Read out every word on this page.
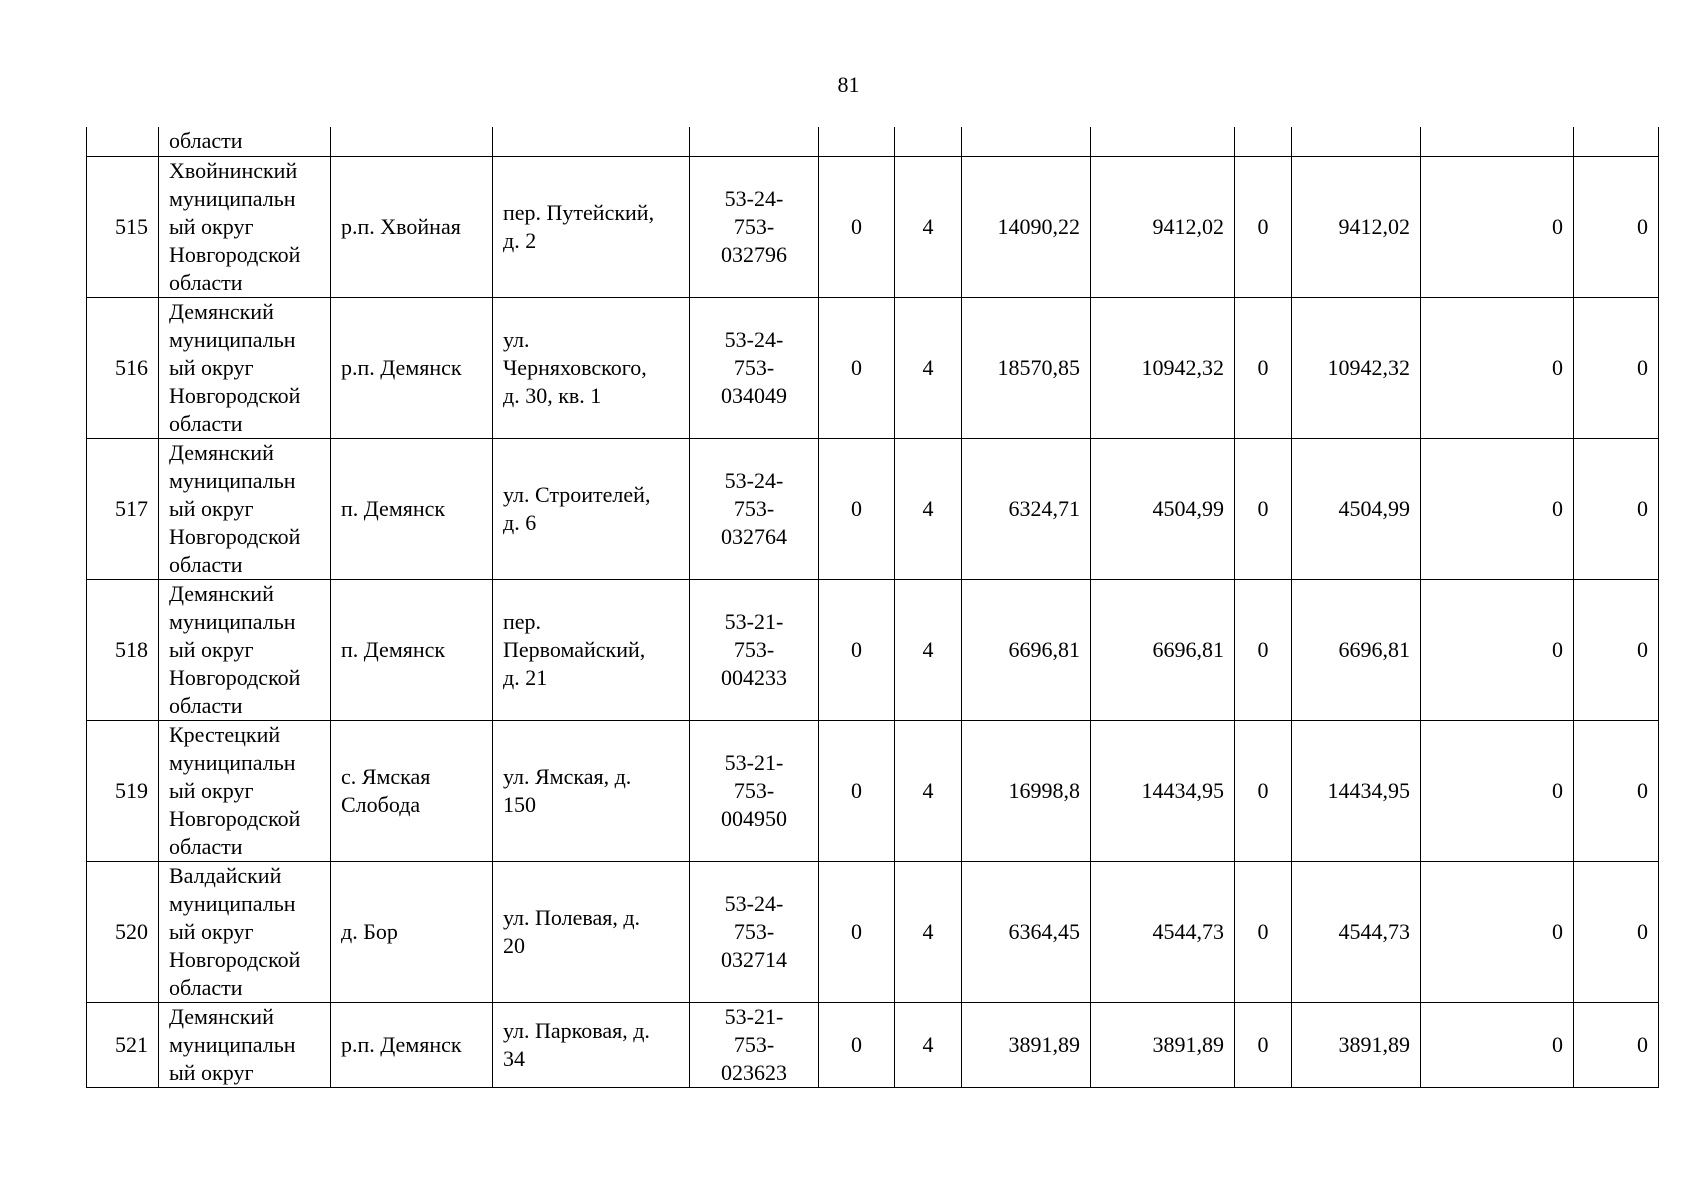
81

	области											

515	Хвойнинский
муниципальн
ый округ
Новгородской
области	р.п. Хвойная	пер. Путейский,
д. 2	53-24-
753-
032796	0	4	14090,22	9412,02	0	9412,02	0	0
516	Демянский
муниципальн
ый округ
Новгородской
области	р.п. Демянск	ул.
Черняховского,
д. 30, кв. 1	53-24-
753-
034049	0	4	18570,85	10942,32	0	10942,32	0	0
517	Демянский
муниципальн
ый округ
Новгородской
области	п. Демянск	ул. Строителей,
д. 6	53-24-
753-
032764	0	4	6324,71	4504,99	0	4504,99	0	0
518	Демянский
муниципальн
ый округ
Новгородской
области	п. Демянск	пер.
Первомайский,
д. 21	53-21-
753-
004233	0	4	6696,81	6696,81	0	6696,81	0	0
519	Крестецкий
муниципальн
ый округ
Новгородской
области	с. Ямская
Слобода	ул. Ямская, д.
150	53-21-
753-
004950	0	4	16998,8	14434,95	0	14434,95	0	0
520	Валдайский
муниципальн
ый округ
Новгородской
области	д. Бор	ул. Полевая, д.
20	53-24-
753-
032714	0	4	6364,45	4544,73	0	4544,73	0	0
521	Демянский
муниципальн
ый округ	р.п. Демянск	ул. Парковая, д.
34	53-21-
753-
023623	0	4	3891,89	3891,89	0	3891,89	0	0
